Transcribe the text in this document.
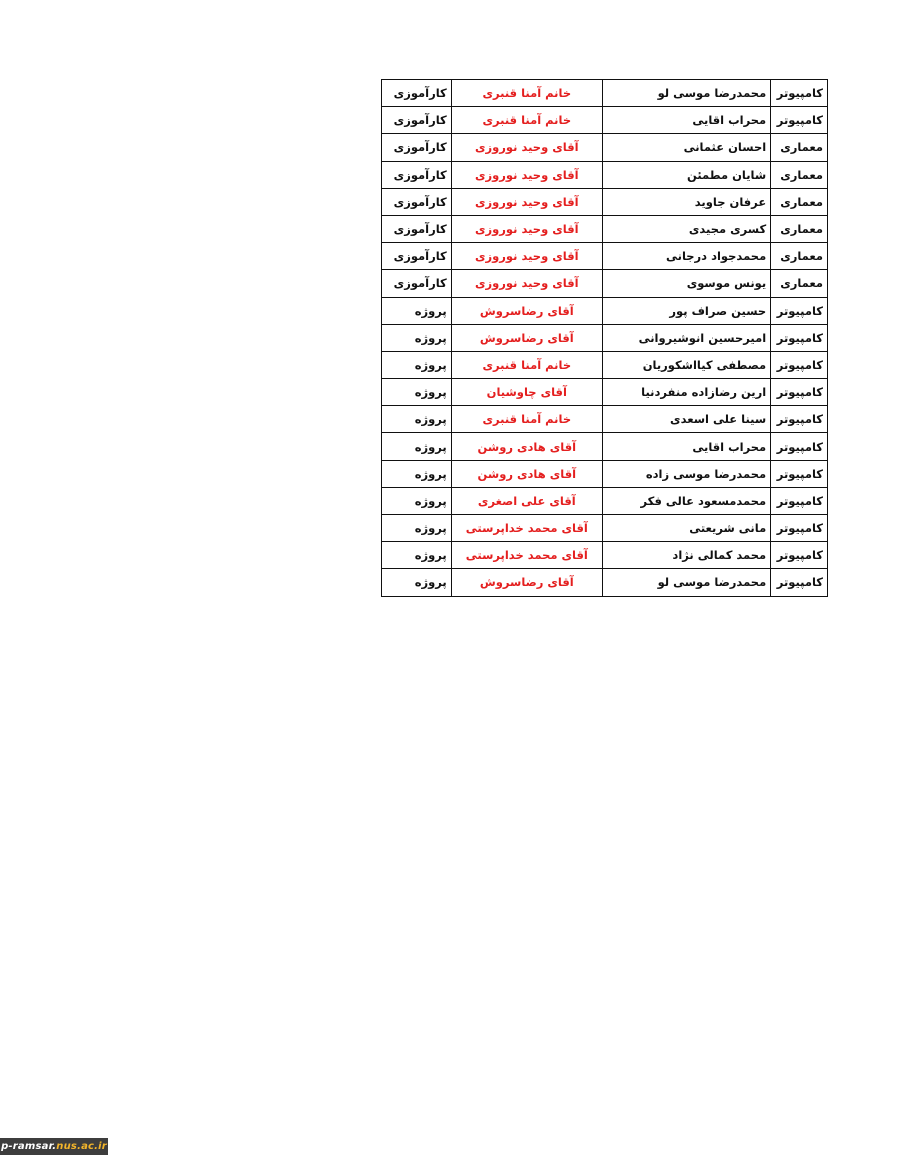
کامپیوتر	محمدرضا موسی لو	خانم آمنا قنبری	کارآموزی
کامپیوتر	محراب اقایی	خانم آمنا قنبری	کارآموزی
معماری	احسان عثمانی	آقای وحید نوروزی	کارآموزی
معماری	شایان مطمئن	آقای وحید نوروزی	کارآموزی
معماری	عرفان جاوید	آقای وحید نوروزی	کارآموزی
معماری	کسری مجیدی	آقای وحید نوروزی	کارآموزی
معماری	محمدجواد درجانی	آقای وحید نوروزی	کارآموزی
معماری	یونس موسوی	آقای وحید نوروزی	کارآموزی
کامپیوتر	حسین صراف پور	آقای رضاسروش	پروژه
کامپیوتر	امیرحسین انوشیروانی	آقای رضاسروش	پروژه
کامپیوتر	مصطفی کیااشکوریان	خانم آمنا قنبری	پروژه
کامپیوتر	ارین رضازاده منفردنیا	آقای چاوشیان	پروژه
کامپیوتر	سینا علی اسعدی	خانم آمنا قنبری	پروژه
کامپیوتر	محراب اقایی	آقای هادی روشن	پروژه
کامپیوتر	محمدرضا موسی زاده	آقای هادی روشن	پروژه
کامپیوتر	محمدمسعود عالی فکر	آقای علی اصغری	پروژه
کامپیوتر	مانی شریعتی	آقای محمد خداپرستی	پروژه
کامپیوتر	محمد کمالی نژاد	آقای محمد خداپرستی	پروژه
کامپیوتر	محمدرضا موسی لو	آقای رضاسروش	پروژه
p-ramsar.nus.ac.ir
